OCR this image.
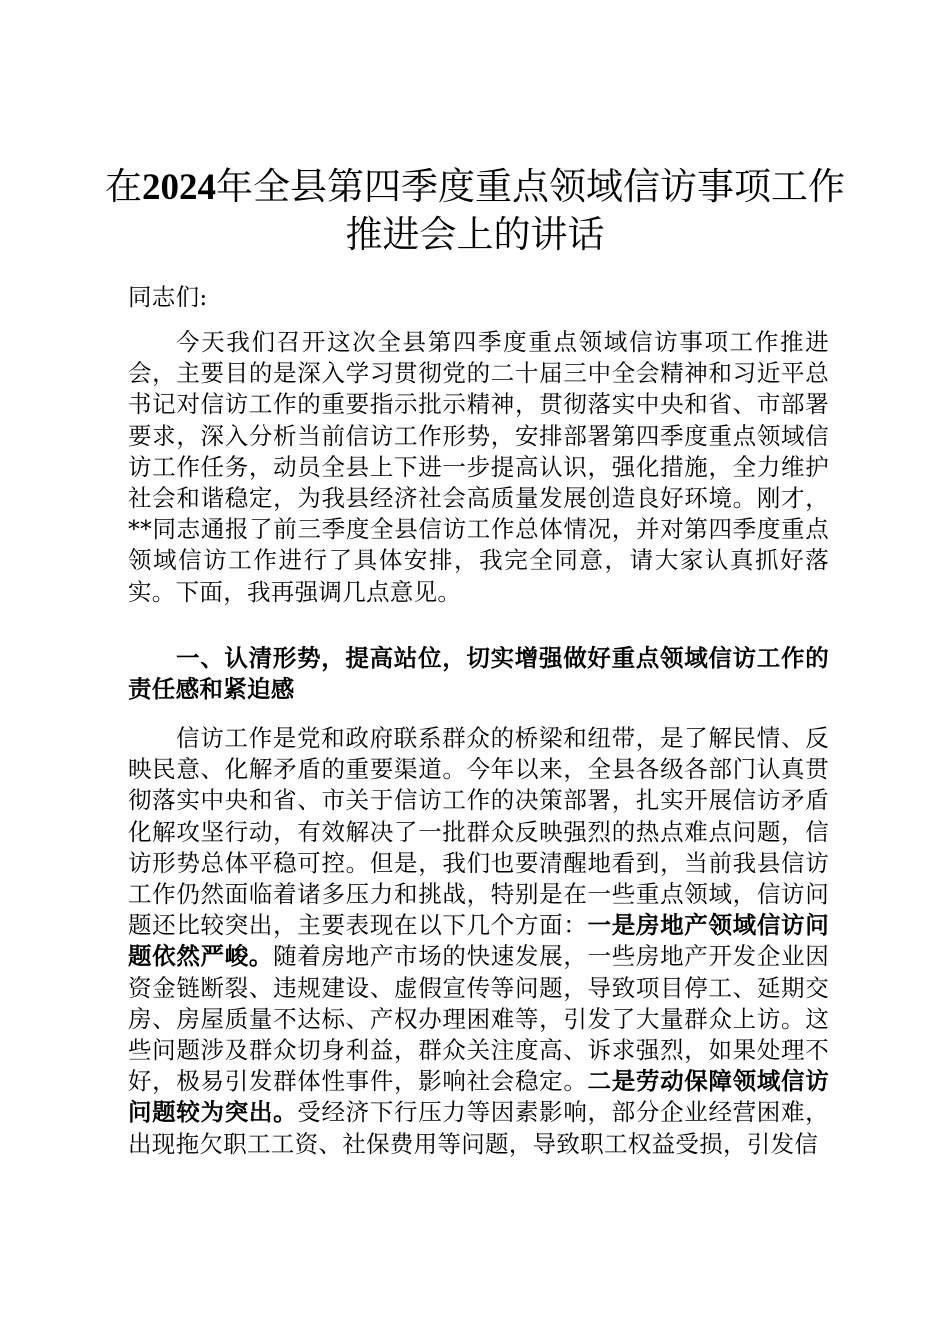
在2024年全县第四季度重点领域信访事项工作推进会上的讲话

同志们:

今天我们召开这次全县第四季度重点领域信访事项工作推进会，主要目的是深入学习贯彻党的二十届三中全会精神和习近平总书记对信访工作的重要指示批示精神，贯彻落实中央和省、市部署要求，深入分析当前信访工作形势，安排部署第四季度重点领域信访工作任务，动员全县上下进一步提高认识，强化措施，全力维护社会和谐稳定，为我县经济社会高质量发展创造良好环境。刚才，**同志通报了前三季度全县信访工作总体情况，并对第四季度重点领域信访工作进行了具体安排，我完全同意，请大家认真抓好落实。下面，我再强调几点意见。

一、认清形势，提高站位，切实增强做好重点领域信访工作的责任感和紧迫感

信访工作是党和政府联系群众的桥梁和纽带，是了解民情、反映民意、化解矛盾的重要渠道。今年以来，全县各级各部门认真贯彻落实中央和省、市关于信访工作的决策部署，扎实开展信访矛盾化解攻坚行动，有效解决了一批群众反映强烈的热点难点问题，信访形势总体平稳可控。但是，我们也要清醒地看到，当前我县信访工作仍然面临着诸多压力和挑战，特别是在一些重点领域，信访问题还比较突出，主要表现在以下几个方面：一是房地产领域信访问题依然严峻。随着房地产市场的快速发展，一些房地产开发企业因资金链断裂、违规建设、虚假宣传等问题，导致项目停工、延期交房、房屋质量不达标、产权办理困难等，引发了大量群众上访。这些问题涉及群众切身利益，群众关注度高、诉求强烈，如果处理不好，极易引发群体性事件，影响社会稳定。二是劳动保障领域信访问题较为突出。受经济下行压力等因素影响，部分企业经营困难，出现拖欠职工工资、社保费用等问题，导致职工权益受损，引发信
